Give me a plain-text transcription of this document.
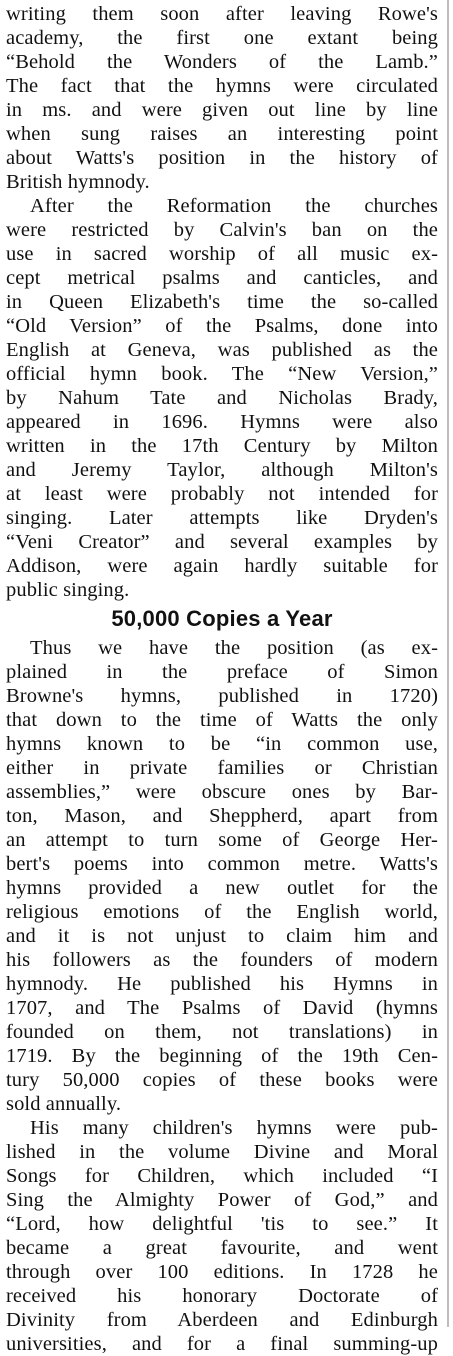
writing them soon after leaving Rowe's
academy, the first one extant being
“Behold the Wonders of the Lamb.”
The fact that the hymns were circulated
in ms. and were given out line by line
when sung raises an interesting point
about Watts's position in the history of
British hymnody.
After the Reformation the churches
were restricted by Calvin's ban on the
use in sacred worship of all music ex-
cept metrical psalms and canticles, and
in Queen Elizabeth's time the so-called
“Old Version” of the Psalms, done into
English at Geneva, was published as the
official hymn book. The “New Version,”
by Nahum Tate and Nicholas Brady,
appeared in 1696. Hymns were also
written in the 17th Century by Milton
and Jeremy Taylor, although Milton's
at least were probably not intended for
singing. Later attempts like Dryden's
“Veni Creator” and several examples by
Addison, were again hardly suitable for
public singing.
50,000 Copies a Year
Thus we have the position (as ex-
plained in the preface of Simon
Browne's hymns, published in 1720)
that down to the time of Watts the only
hymns known to be “in common use,
either in private families or Christian
assemblies,” were obscure ones by Bar-
ton, Mason, and Sheppherd, apart from
an attempt to turn some of George Her-
bert's poems into common metre. Watts's
hymns provided a new outlet for the
religious emotions of the English world,
and it is not unjust to claim him and
his followers as the founders of modern
hymnody. He published his Hymns in
1707, and The Psalms of David (hymns
founded on them, not translations) in
1719. By the beginning of the 19th Cen-
tury 50,000 copies of these books were
sold annually.
His many children's hymns were pub-
lished in the volume Divine and Moral
Songs for Children, which included “I
Sing the Almighty Power of God,” and
“Lord, how delightful 'tis to see.” It
became a great favourite, and went
through over 100 editions. In 1728 he
received his honorary Doctorate of
Divinity from Aberdeen and Edinburgh
universities, and for a final summing-up
